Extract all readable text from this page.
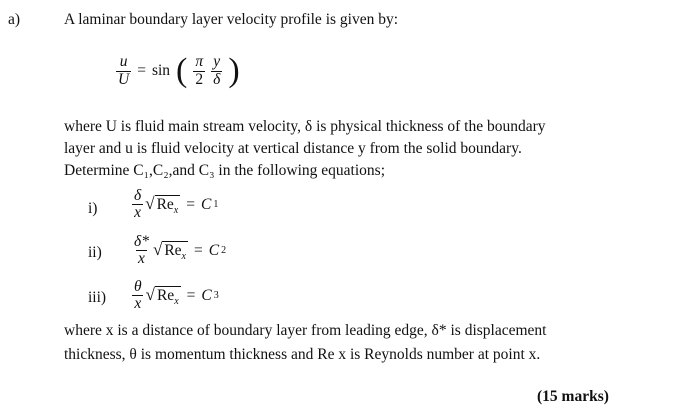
a)	A laminar boundary layer velocity profile is given by:
$\frac{u}{U} = \sin$ ( $\frac{\pi}{2} \frac{y}{\delta}$ )
where U is fluid main stream velocity, δ is physical thickness of the boundary
layer and u is fluid velocity at vertical distance y from the solid boundary.
Determine C₁,C₂,and C₃ in the following equations;
$i) \frac{\delta}{x}$ √ $Re_x = C$ 1
$ii) \frac{\delta*}{x}$ √ $Re_x = C$ 2
$iii) \frac{\theta}{x}$ √ $Re_x = C$ 3
where x is a distance of boundary layer from leading edge, δ* is displacement
thickness, θ is momentum thickness and Re x is Reynolds number at point x.
(15 marks)
